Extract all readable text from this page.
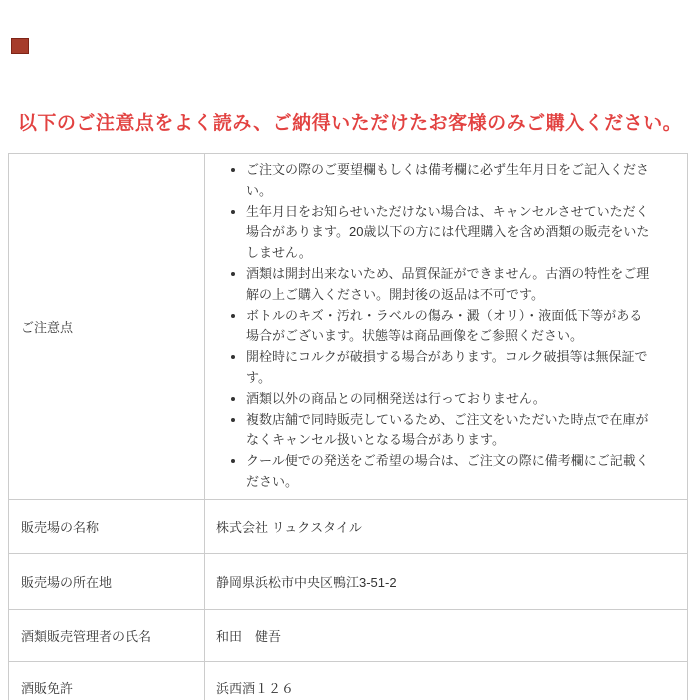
以下のご注意点をよく読み、ご納得いただけたお客様のみご購入ください。
ご注意点	
• ご注文の際のご要望欄もしくは備考欄に必ず生年月日をご記入ください。
• 生年月日をお知らせいただけない場合は、キャンセルさせていただく場合があります。20歳以下の方には代理購入を含め酒類の販売をいたしません。
• 酒類は開封出来ないため、品質保証ができません。古酒の特性をご理解の上ご購入ください。開封後の返品は不可です。
• ボトルのキズ・汚れ・ラベルの傷み・澱（オリ）・液面低下等がある場合がございます。状態等は商品画像をご参照ください。
• 開栓時にコルクが破損する場合があります。コルク破損等は無保証です。
• 酒類以外の商品との同梱発送は行っておりません。
• 複数店舗で同時販売しているため、ご注文をいただいた時点で在庫がなくキャンセル扱いとなる場合があります。
• クール便での発送をご希望の場合は、ご注文の際に備考欄にご記載ください。

販売場の名称	株式会社 リュクスタイル
販売場の所在地	静岡県浜松市中央区鴨江3-51-2
酒類販売管理者の氏名	和田　健吾
酒販免許	浜西酒１２６
